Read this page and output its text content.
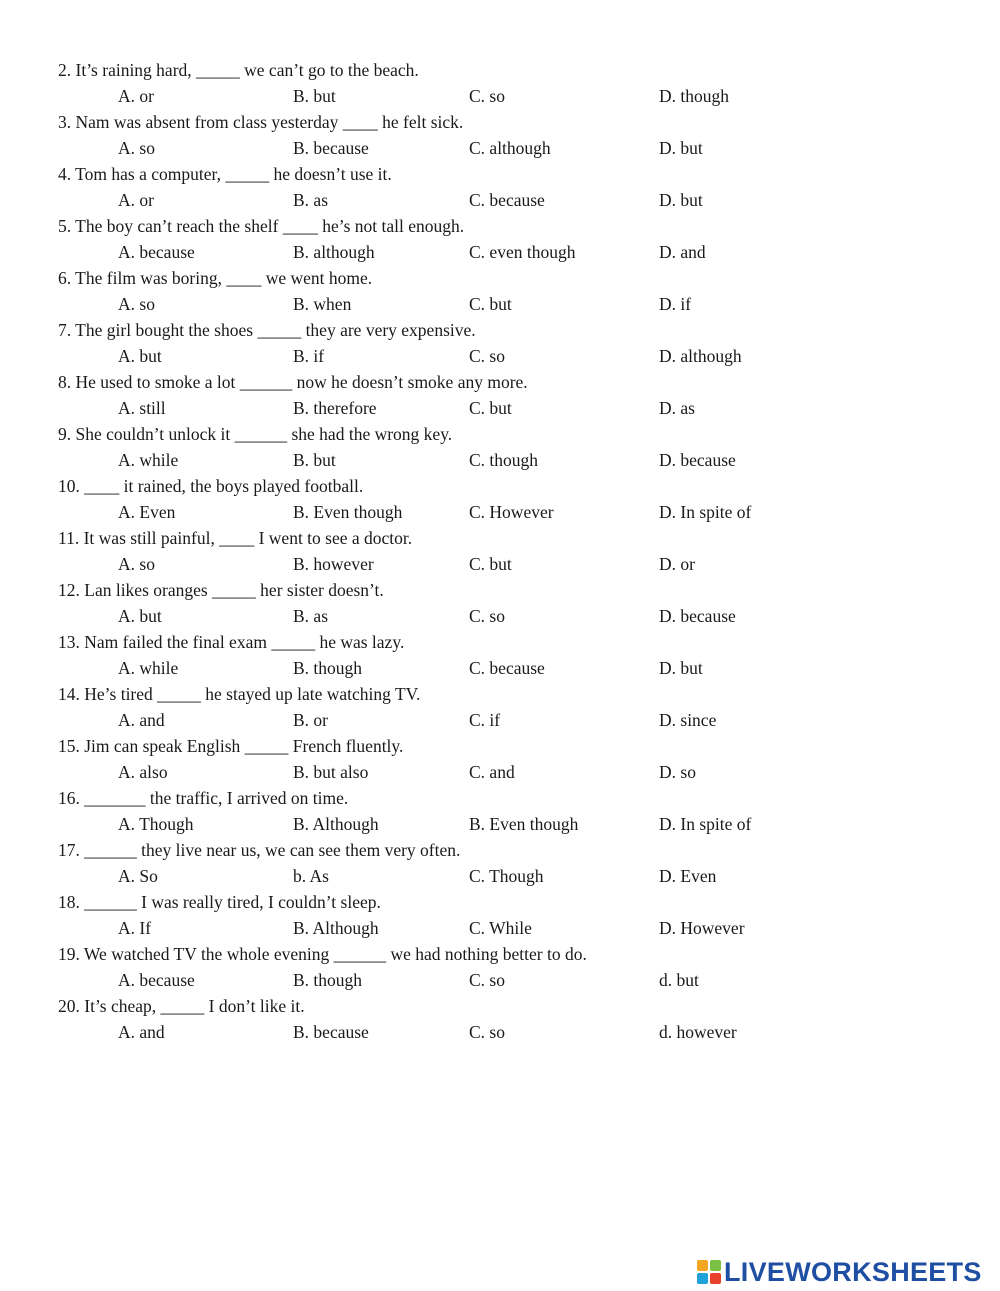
2. It’s raining hard, _____ we can’t go to the beach.
A. or	B. but	C. so	D. though
3. Nam was absent from class yesterday ____ he felt sick.
A. so	B. because	C. although	D. but
4. Tom has a computer, _____ he doesn’t use it.
A. or	B. as	C. because	D. but
5. The boy can’t reach the shelf ____ he’s not tall enough.
A. because	B. although	C. even though	D. and
6. The film was boring, ____ we went home.
A. so	B. when	C. but	D. if
7. The girl bought the shoes _____ they are very expensive.
A. but	B. if	C. so	D. although
8. He used to smoke a lot ______ now he doesn’t smoke any more.
A. still	B. therefore	C. but	D. as
9. She couldn’t unlock it ______ she had the wrong key.
A. while	B. but	C. though	D. because
10. ____ it rained, the boys played football.
A. Even	B. Even though	C. However	D. In spite of
11. It was still painful, ____ I went to see a doctor.
A. so	B. however	C. but	D. or
12. Lan likes oranges _____ her sister doesn’t.
A. but	B. as	C. so	D. because
13. Nam failed the final exam _____ he was lazy.
A. while	B. though	C. because	D. but
14. He’s tired _____ he stayed up late watching TV.
A. and	B. or	C. if	D. since
15. Jim can speak English _____ French fluently.
A. also	B. but also	C. and	D. so
16. _______ the traffic, I arrived on time.
A. Though	B. Although	B. Even though	D. In spite of
17. ______ they live near us, we can see them very often.
A. So	b. As	C. Though	D. Even
18. ______ I was really tired, I couldn’t sleep.
A. If	B. Although	C. While	D. However
19. We watched TV the whole evening ______ we had nothing better to do.
A. because	B. though	C. so	d. but
20. It’s cheap, _____ I don’t like it.
A. and	B. because	C. so	d. however
LIVEWORKSHEETS
